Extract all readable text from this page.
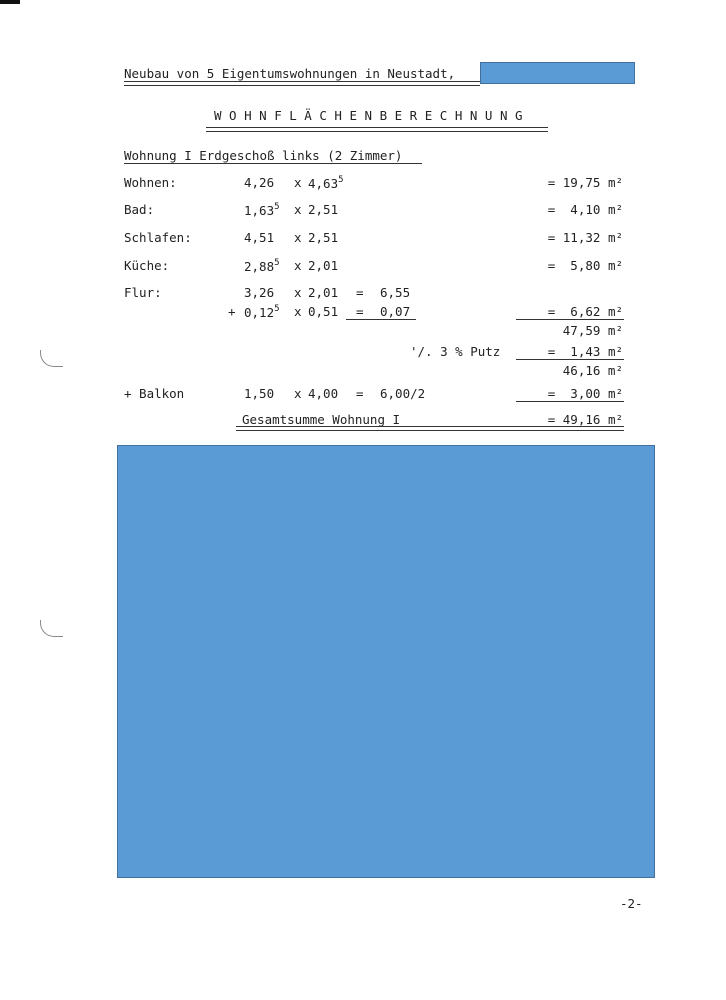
Neubau von 5 Eigentumswohnungen in Neustadt,
W O H N F L Ä C H E N B E R E C H N U N G
Wohnung I Erdgeschoß links (2 Zimmer)
Wohnen:	4,26 x $4,63^5$	= 19,75 m²
Bad:	1,63$^5$ x 2,51	=  4,10 m²
Schlafen:	4,51 x 2,51	= 11,32 m²
Küche:	2,88$^5$ x 2,01	=  5,80 m²
Flur:	3,26 x 2,01 = 6,55
+ $0,12^5$ x 0,51 = 0,07	=  6,62 m²
47,59 m²
'/. 3 % Putz	=  1,43 m²
46,16 m²
+ Balkon	1,50 x 4,00 = 6,00/2	=  3,00 m²
Gesamtsumme Wohnung I	= 49,16 m²
-2-
